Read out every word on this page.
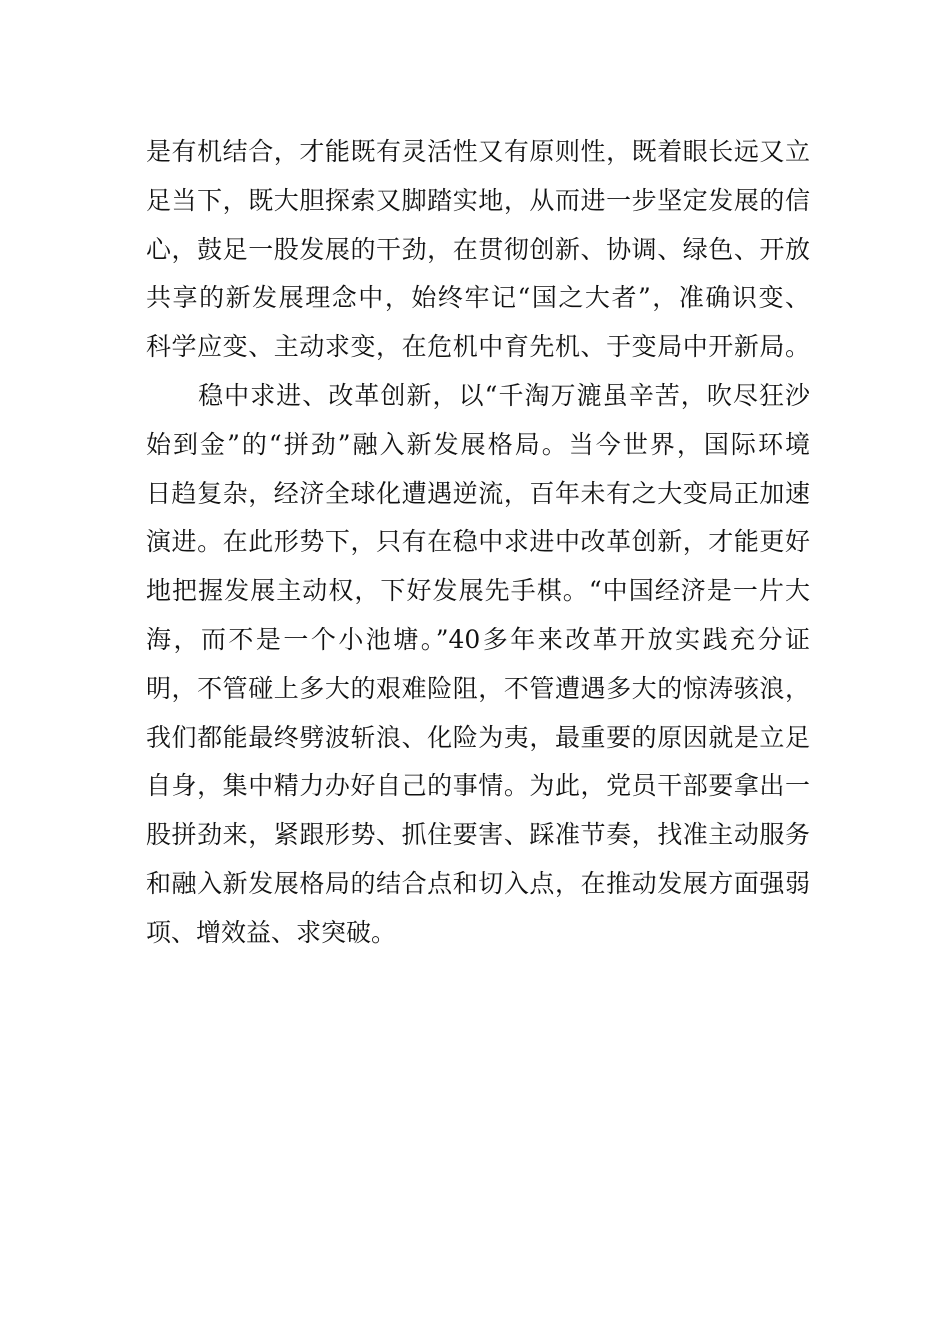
是有机结合，才能既有灵活性又有原则性，既着眼长远又立
足当下，既大胆探索又脚踏实地，从而进一步坚定发展的信
心，鼓足一股发展的干劲，在贯彻创新、协调、绿色、开放
共享的新发展理念中，始终牢记“国之大者”，准确识变、
科学应变、主动求变，在危机中育先机、于变局中开新局。
　　稳中求进、改革创新，以“千淘万漉虽辛苦，吹尽狂沙
始到金”的“拼劲”融入新发展格局。当今世界，国际环境
日趋复杂，经济全球化遭遇逆流，百年未有之大变局正加速
演进。在此形势下，只有在稳中求进中改革创新，才能更好
地把握发展主动权，下好发展先手棋。“中国经济是一片大
海，而不是一个小池塘。”40多年来改革开放实践充分证
明，不管碰上多大的艰难险阻，不管遭遇多大的惊涛骇浪，
我们都能最终劈波斩浪、化险为夷，最重要的原因就是立足
自身，集中精力办好自己的事情。为此，党员干部要拿出一
股拼劲来，紧跟形势、抓住要害、踩准节奏，找准主动服务
和融入新发展格局的结合点和切入点，在推动发展方面强弱
项、增效益、求突破。
